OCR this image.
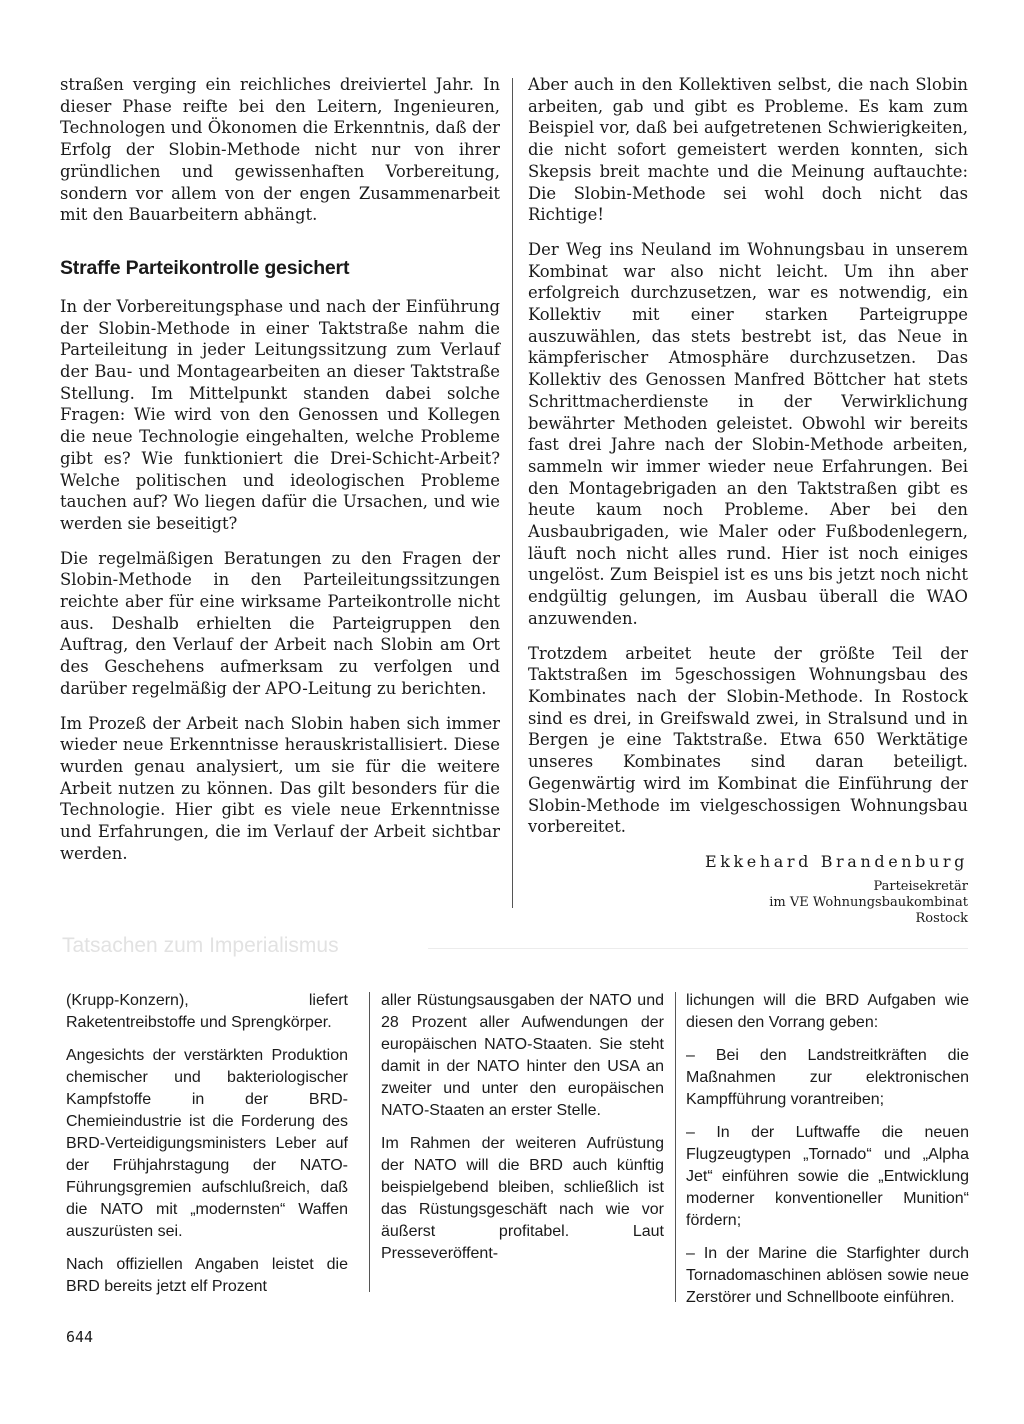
straßen verging ein reichliches dreiviertel Jahr. In dieser Phase reifte bei den Leitern, Ingenieuren, Technologen und Ökonomen die Erkenntnis, daß der Erfolg der Slobin-Methode nicht nur von ihrer gründlichen und gewissenhaften Vorbereitung, sondern vor allem von der engen Zusammenarbeit mit den Bauarbeitern abhängt.

Straffe Parteikontrolle gesichert

In der Vorbereitungsphase und nach der Einführung der Slobin-Methode in einer Taktstraße nahm die Parteileitung in jeder Leitungssitzung zum Verlauf der Bau- und Montagearbeiten an dieser Taktstraße Stellung. Im Mittelpunkt standen dabei solche Fragen: Wie wird von den Genossen und Kollegen die neue Technologie eingehalten, welche Probleme gibt es? Wie funktioniert die Drei-Schicht-Arbeit? Welche politischen und ideologischen Probleme tauchen auf? Wo liegen dafür die Ursachen, und wie werden sie beseitigt?

Die regelmäßigen Beratungen zu den Fragen der Slobin-Methode in den Parteileitungssitzungen reichte aber für eine wirksame Parteikontrolle nicht aus. Deshalb erhielten die Parteigruppen den Auftrag, den Verlauf der Arbeit nach Slobin am Ort des Geschehens aufmerksam zu verfolgen und darüber regelmäßig der APO-Leitung zu berichten.

Im Prozeß der Arbeit nach Slobin haben sich immer wieder neue Erkenntnisse herauskristallisiert. Diese wurden genau analysiert, um sie für die weitere Arbeit nutzen zu können. Das gilt besonders für die Technologie. Hier gibt es viele neue Erkenntnisse und Erfahrungen, die im Verlauf der Arbeit sichtbar werden.

Aber auch in den Kollektiven selbst, die nach Slobin arbeiten, gab und gibt es Probleme. Es kam zum Beispiel vor, daß bei aufgetretenen Schwierigkeiten, die nicht sofort gemeistert werden konnten, sich Skepsis breit machte und die Meinung auftauchte: Die Slobin-Methode sei wohl doch nicht das Richtige!

Der Weg ins Neuland im Wohnungsbau in unserem Kombinat war also nicht leicht. Um ihn aber erfolgreich durchzusetzen, war es notwendig, ein Kollektiv mit einer starken Parteigruppe auszuwählen, das stets bestrebt ist, das Neue in kämpferischer Atmosphäre durchzusetzen. Das Kollektiv des Genossen Manfred Böttcher hat stets Schrittmacherdienste in der Verwirklichung bewährter Methoden geleistet. Obwohl wir bereits fast drei Jahre nach der Slobin-Methode arbeiten, sammeln wir immer wieder neue Erfahrungen. Bei den Montagebrigaden an den Taktstraßen gibt es heute kaum noch Probleme. Aber bei den Ausbaubrigaden, wie Maler oder Fußbodenlegern, läuft noch nicht alles rund. Hier ist noch einiges ungelöst. Zum Beispiel ist es uns bis jetzt noch nicht endgültig gelungen, im Ausbau überall die WAO anzuwenden.

Trotzdem arbeitet heute der größte Teil der Taktstraßen im 5geschossigen Wohnungsbau des Kombinates nach der Slobin-Methode. In Rostock sind es drei, in Greifswald zwei, in Stralsund und in Bergen je eine Taktstraße. Etwa 650 Werktätige unseres Kombinates sind daran beteiligt. Gegenwärtig wird im Kombinat die Einführung der Slobin-Methode im vielgeschossigen Wohnungsbau vorbereitet.

Ekkehard Brandenburg
Parteisekretär
im VE Wohnungsbaukombinat
Rostock
Tatsachen zum Imperialismus

(Krupp-Konzern), liefert Raketentreibstoffe und Sprengkörper.

Angesichts der verstärkten Produktion chemischer und bakteriologischer Kampfstoffe in der BRD-Chemieindustrie ist die Forderung des BRD-Verteidigungsministers Leber auf der Frühjahrstagung der NATO-Führungsgremien aufschlußreich, daß die NATO mit „modernsten“ Waffen auszurüsten sei.

Nach offiziellen Angaben leistet die BRD bereits jetzt elf Prozent

aller Rüstungsausgaben der NATO und 28 Prozent aller Aufwendungen der europäischen NATO-Staaten. Sie steht damit in der NATO hinter den USA an zweiter und unter den europäischen NATO-Staaten an erster Stelle.

Im Rahmen der weiteren Aufrüstung der NATO will die BRD auch künftig beispielgebend bleiben, schließlich ist das Rüstungsgeschäft nach wie vor äußerst profitabel. Laut Presseveröffent-

lichungen will die BRD Aufgaben wie diesen den Vorrang geben:

– Bei den Landstreitkräften die Maßnahmen zur elektronischen Kampfführung vorantreiben;

– In der Luftwaffe die neuen Flugzeugtypen „Tornado“ und „Alpha Jet“ einführen sowie die „Entwicklung moderner konventioneller Munition“ fördern;

– In der Marine die Starfighter durch Tornadomaschinen ablösen sowie neue Zerstörer und Schnellboote einführen.

644
